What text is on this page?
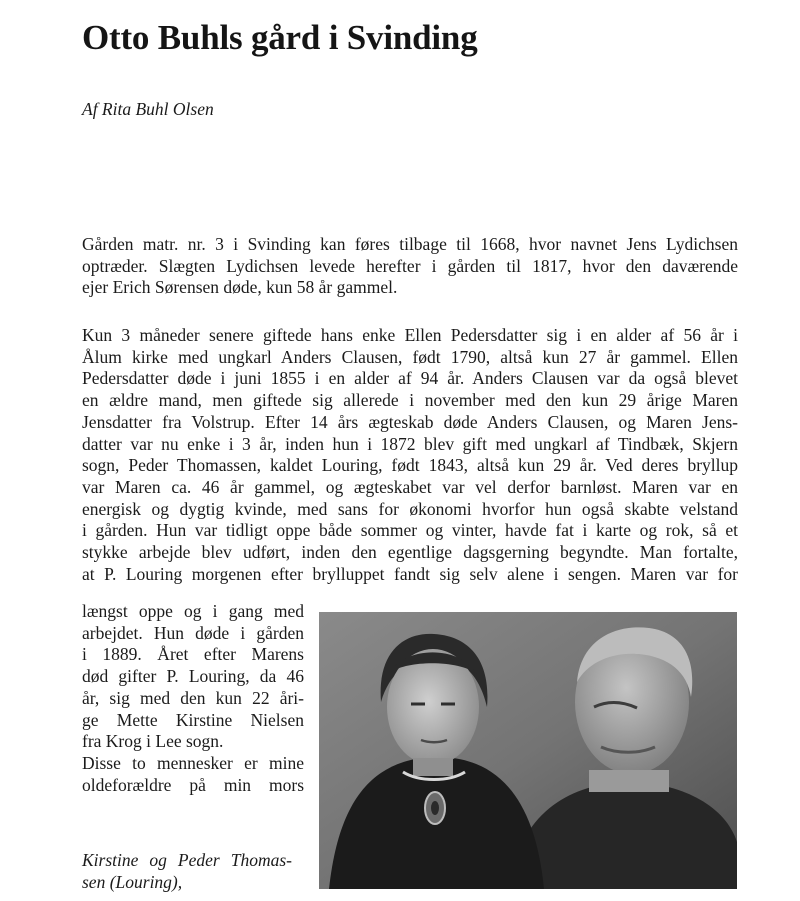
Otto Buhls gård i Svinding
Af Rita Buhl Olsen
Gården matr. nr. 3 i Svinding kan føres tilbage til 1668, hvor navnet Jens Lydichsen
optræder. Slægten Lydichsen levede herefter i gården til 1817, hvor den daværende
ejer Erich Sørensen døde, kun 58 år gammel.
Kun 3 måneder senere giftede hans enke Ellen Pedersdatter sig i en alder af 56 år i
Ålum kirke med ungkarl Anders Clausen, født 1790, altså kun 27 år gammel. Ellen
Pedersdatter døde i juni 1855 i en alder af 94 år. Anders Clausen var da også blevet
en ældre mand, men giftede sig allerede i november med den kun 29 årige Maren
Jensdatter fra Volstrup. Efter 14 års ægteskab døde Anders Clausen, og Maren Jens-
datter var nu enke i 3 år, inden hun i 1872 blev gift med ungkarl af Tindbæk, Skjern
sogn, Peder Thomassen, kaldet Louring, født 1843, altså kun 29 år. Ved deres bryllup
var Maren ca. 46 år gammel, og ægteskabet var vel derfor barnløst. Maren var en
energisk og dygtig kvinde, med sans for økonomi hvorfor hun også skabte velstand
i gården. Hun var tidligt oppe både sommer og vinter, havde fat i karte og rok, så et
stykke arbejde blev udført, inden den egentlige dagsgerning begyndte. Man fortalte,
at P. Louring morgenen efter brylluppet fandt sig selv alene i sengen. Maren var for
længst oppe og i gang med
arbejdet. Hun døde i gården
i 1889. Året efter Marens
død gifter P. Louring, da 46
år, sig med den kun 22 åri-
ge Mette Kirstine Nielsen
fra Krog i Lee sogn.
Disse to mennesker er mine
oldeforældre på min mors
Kirstine og Peder Thomas-
sen (Louring),
